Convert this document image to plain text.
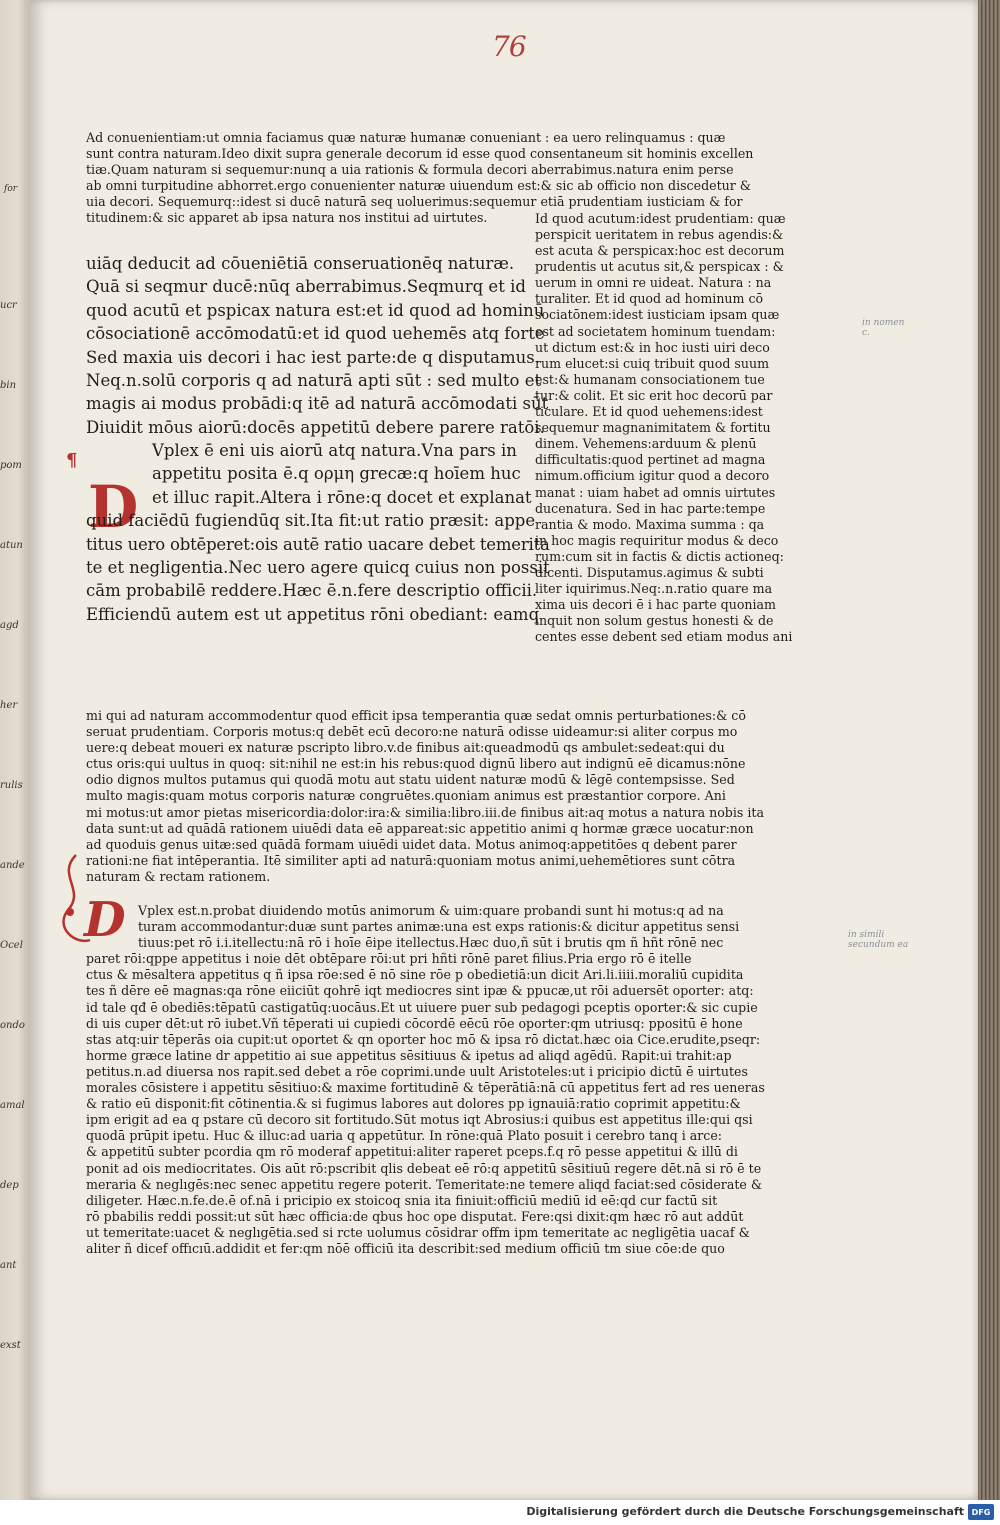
ucr
bin
pom
atun
agd
her
rulis
ande
Ocel
ondo
amal
dep
ant
exst
76
Ad conuenientiam:ut omnia faciamus quæ naturæ humanæ conueniant : ea uero relinquamus : quæ
sunt contra naturam.Ideo dixit supra generale decorum id esse quod consentaneum sit hominis excellen
tiæ.Quam naturam si sequemur:nunq a uia rationis & formula decori aberrabimus.natura enim perse
ab omni turpitudine abhorret.ergo conuenienter naturæ uiuendum est:& sic ab officio non discedetur &
uia decori. Sequemurq::idest si ducē naturā seq uoluerimus:sequemur etiā prudentiam iusticiam & for
titudinem:& sic apparet ab ipsa natura nos institui ad uirtutes.	Id quod acutum:idest prudentiam: quæ
uiāq deducit ad cōueniētiā conseruationēq naturæ.
Quā si seqmur ducē:nūq aberrabimus.Seqmurq et id
quod acutū et pspicax natura est:et id quod ad hominū
cōsociationē accōmodatū:et id quod uehemēs atq forte
Sed maxia uis decori i hac iest parte:de q disputamus.
Neq.n.solū corporis q ad naturā apti sūt : sed multo et
magis ai modus probādi:q itē ad naturā accōmodati sūt
Diuidit mōus aiorū:docēs appetitū debere parere ratōi.
D
Vplex ē eni uis aiorū atq natura.Vna pars in
appetitu posita ē.q ορμη grecæ:q hoīem huc
et illuc rapit.Altera i rōne:q docet et explanat
quid faciēdū fugiendūq sit.Ita fit:ut ratio præsit: appe
titus uero obtēperet:ois autē ratio uacare debet temerita
te et negligentia.Nec uero agere quicq cuius non possit
cām probabilē reddere.Hæc ē.n.fere descriptio officii.
Efficiendū autem est ut appetitus rōni obediant: eamq
perspicit ueritatem in rebus agendis:&
est acuta & perspicax:hoc est decorum
prudentis ut acutus sit,& perspicax : &
uerum in omni re uideat. Natura : na
turaliter. Et id quod ad hominum cō
sociatōnem:idest iusticiam ipsam quæ
est ad societatem hominum tuendam:
ut dictum est:& in hoc iusti uiri deco
rum elucet:si cuiq tribuit quod suum
est:& humanam consociationem tue
tur:& colit. Et sic erit hoc decorū par
ticulare. Et id quod uehemens:idest
sequemur magnanimitatem & fortitu
dinem. Vehemens:arduum & plenū
difficultatis:quod pertinet ad magna
nimum.officium igitur quod a decoro
manat : uiam habet ad omnis uirtutes
ducenatura. Sed in hac parte:tempe
rantia & modo. Maxima summa : qa
in hoc magis requiritur modus & deco
rum:cum sit in factis & dictis actioneq:
dicenti. Disputamus.agimus & subti
liter iquirimus.Neq:.n.ratio quare ma
xima uis decori ē i hac parte quoniam
inquit non solum gestus honesti & de
centes esse debent sed etiam modus ani
in nomen
c.
in simili
secundum ea
mi qui ad naturam accommodentur quod efficit ipsa temperantia quæ sedat omnis perturbationes:& cō
seruat prudentiam. Corporis motus:q debēt ecū decoro:ne naturā odisse uideamur:si aliter corpus mo
uere:q debeat moueri ex naturæ pscripto libro.v.de finibus ait:queadmodū qs ambulet:sedeat:qui du
ctus oris:qui uultus in quoq: sit:nihil ne est:in his rebus:quod dignū libero aut indignū eē dicamus:nōne
odio dignos multos putamus qui quodā motu aut statu uident naturæ modū & lēgē contempsisse. Sed
multo magis:quam motus corporis naturæ congruētes.quoniam animus est præstantior corpore. Ani
mi motus:ut amor pietas misericordia:dolor:ira:& similia:libro.iii.de finibus ait:aq motus a natura nobis ita
data sunt:ut ad quādā rationem uiuēdi data eē appareat:sic appetitio animi q hormæ græce uocatur:non
ad quoduis genus uitæ:sed quādā formam uiuēdi uidet data. Motus animoq:appetitōes q debent parer
rationi:ne fiat intēperantia. Itē similiter apti ad naturā:quoniam motus animi,uehemētiores sunt cōtra
naturam & rectam rationem.
D Vplex est.n.probat diuidendo motūs animorum & uim:quare probandi sunt hi motus:q ad na
turam accommodantur:duæ sunt partes animæ:una est exps rationis:& dicitur appetitus sensi
tiuus:pet rō i.i.itellectu:nā rō i hoīe ēipe itellectus.Hæc duo,ñ sūt i brutis qm ñ hñt rōnē nec
paret rōi:qppe appetitus i noie dēt obtēpare rōi:ut pri hñti rōnē paret filius.Pria ergo rō ē itelle
ctus & mēsaltera appetitus q ñ ipsa rōe:sed ē nō sine rōe p obedietiā:un dicit Ari.li.iiii.moraliū cupidita
tes ñ dēre eē magnas:qa rōne eiiciūt qohrē iqt mediocres sint ipæ & ppucæ,ut rōi aduersēt oporter: atq:
id tale qđ ē obediēs:tēpatū castigatūq:uocāus.Et ut uiuere puer sub pedagogi pceptis oporter:& sic cupie
di uis cuper dēt:ut rō iubet.Vñ tēperati ui cupiedi cōcordē eēcū rōe oporter:qm utriusq: ppositū ē hone
stas atq:uir tēperās oia cupit:ut oportet & qn oporter hoc mō & ipsa rō dictat.hæc oia Cice.erudite,pseqr:
horme græce latine dr appetitio ai sue appetitus sēsitiuus & ipetus ad aliqd agēdū. Rapit:ui trahit:ap
petitus.n.ad diuersa nos rapit.sed debet a rōe coprimi.unde uult Aristoteles:ut i pricipio dictū ē uirtutes
morales cōsistere i appetitu sēsitiuo:& maxime fortitudinē & tēperātiā:nā cū appetitus fert ad res ueneras
& ratio eū disponit:fit cōtinentia.& si fugimus labores aut dolores pp ignauiā:ratio coprimit appetitu:&
ipm erigit ad ea q pstare cū decoro sit fortitudo.Sūt motus iqt Abrosius:i quibus est appetitus ille:qui qsi
quodā prūpit ipetu. Huc & illuc:ad uaria q appetūtur. In rōne:quā Plato posuit i cerebro tanq i arce:
& appetitū subter pcordia qm rō moderaf appetitui:aliter raperet pceps.f.q rō pesse appetitui & illū di
ponit ad ois mediocritates. Ois aūt rō:pscribit qlis debeat eē rō:q appetitū sēsitiuū regere dēt.nā si rō ē te
meraria & neglıgēs:nec senec appetitu regere poterit. Temeritate:ne temere aliqd faciat:sed cōsiderate &
diligeter. Hæc.n.fe.de.ē of.nā i pricipio ex stoicoq snia ita finiuit:officiū mediū id eē:qd cur factū sit
rō pbabilis reddi possit:ut sūt hæc officia:de qbus hoc ope disputat. Fere:qsi dixit:qm hæc rō aut addūt
ut temeritate:uacet & neglıgētia.sed si rcte uolumus cōsidrar offm ipm temeritate ac negligētia uacaf &
aliter ñ dicef offıcıū.addidit et fer:qm nōē officiū ita describit:sed medium officiū tm siue cōe:de quo
¶
Digitalisierung gefördert durch die Deutsche Forschungsgemeinschaft DFG
for
